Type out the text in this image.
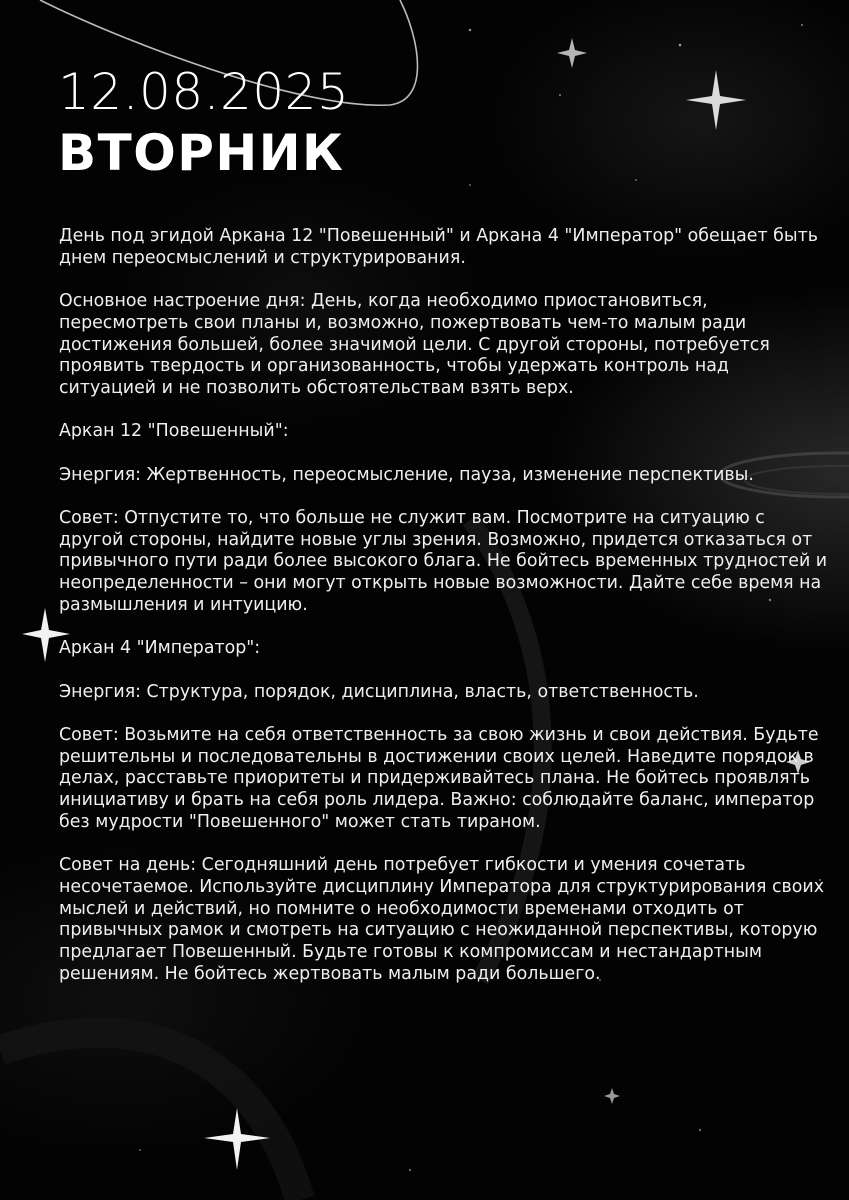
12.08.2025
ВТОРНИК

День под эгидой Аркана 12 "Повешенный" и Аркана 4 "Император" обещает быть днем переосмыслений и структурирования.

Основное настроение дня: День, когда необходимо приостановиться, пересмотреть свои планы и, возможно, пожертвовать чем-то малым ради достижения большей, более значимой цели. С другой стороны, потребуется проявить твердость и организованность, чтобы удержать контроль над ситуацией и не позволить обстоятельствам взять верх.

Аркан 12 "Повешенный":

Энергия: Жертвенность, переосмысление, пауза, изменение перспективы.

Совет: Отпустите то, что больше не служит вам. Посмотрите на ситуацию с другой стороны, найдите новые углы зрения. Возможно, придется отказаться от привычного пути ради более высокого блага. Не бойтесь временных трудностей и неопределенности – они могут открыть новые возможности. Дайте себе время на размышления и интуицию.

Аркан 4 "Император":

Энергия: Структура, порядок, дисциплина, власть, ответственность.

Совет: Возьмите на себя ответственность за свою жизнь и свои действия. Будьте решительны и последовательны в достижении своих целей. Наведите порядок в делах, расставьте приоритеты и придерживайтесь плана. Не бойтесь проявлять инициативу и брать на себя роль лидера. Важно: соблюдайте баланс, император без мудрости "Повешенного" может стать тираном.

Совет на день: Сегодняшний день потребует гибкости и умения сочетать несочетаемое. Используйте дисциплину Императора для структурирования своих мыслей и действий, но помните о необходимости временами отходить от привычных рамок и смотреть на ситуацию с неожиданной перспективы, которую предлагает Повешенный. Будьте готовы к компромиссам и нестандартным решениям. Не бойтесь жертвовать малым ради большего.
